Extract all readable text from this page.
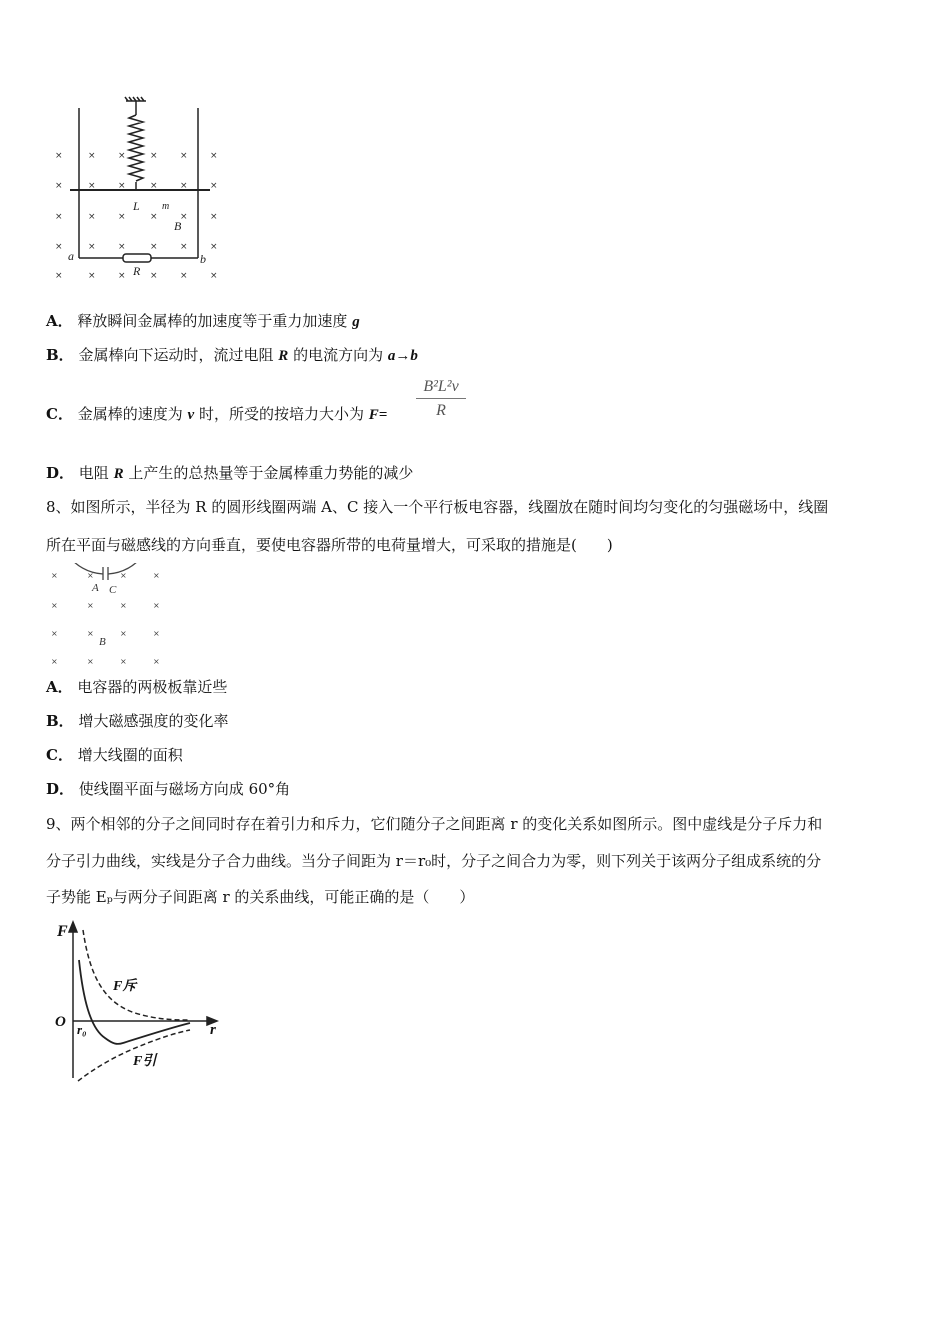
×	× ×	× × ×
×	× ×	× × ×
×	× ×	× × ×
×	× ×	× × ×
×	× ×	× × ×
L m
B
a	b
R
A． 释放瞬间金属棒的加速度等于重力加速度 g
B． 金属棒向下运动时，流过电阻 R 的电流方向为 a→b
C． 金属棒的速度为 v 时，所受的按培力大小为 $F= \frac{\text{B²L²v}}{R}$
D． 电阻 R 上产生的总热量等于金属棒重力势能的减少
8、如图所示，半径为 R 的圆形线圈两端 A、C 接入一个平行板电容器，线圈放在随时间均匀变化的匀强磁场中，线圈
所在平面与磁感线的方向垂直，要使电容器所带的电荷量增大，可采取的措施是(　　)
×	×	×	×
×	×	×	×
×	×	×	×
×	×	×	×
A C
B
A． 电容器的两极板靠近些
B． 增大磁感强度的变化率
C． 增大线圈的面积
D． 使线圈平面与磁场方向成 60°角
9、两个相邻的分子之间同时存在着引力和斥力，它们随分子之间距离 r 的变化关系如图所示。图中虚线是分子斥力和
分子引力曲线，实线是分子合力曲线。当分子间距为 r＝r₀时，分子之间合力为零，则下列关于该两分子组成系统的分
子势能 Eₚ与两分子间距离 r 的关系曲线，可能正确的是（　　）
F
O r₀	r
F斥
F引
